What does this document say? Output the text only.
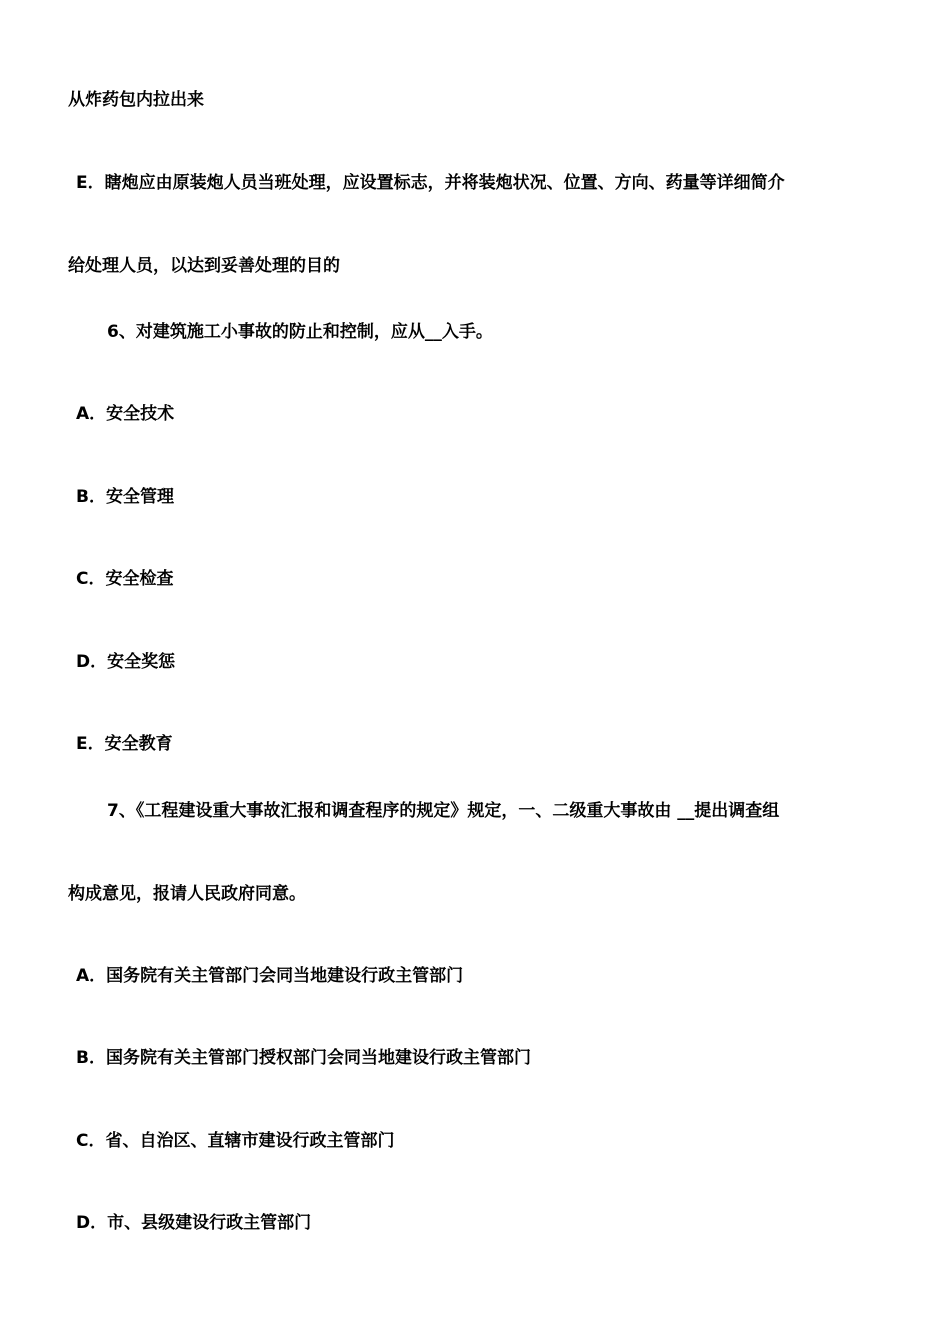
从炸药包内拉出来
E．瞎炮应由原装炮人员当班处理，应设置标志，并将装炮状况、位置、方向、药量等详细简介
给处理人员，以达到妥善处理的目的
6、对建筑施工小事故的防止和控制，应从__入手。
A．安全技术
B．安全管理
C．安全检查
D．安全奖惩
E．安全教育
7、《工程建设重大事故汇报和调查程序的规定》规定，一、二级重大事故由 __提出调查组
构成意见，报请人民政府同意。
A．国务院有关主管部门会同当地建设行政主管部门
B．国务院有关主管部门授权部门会同当地建设行政主管部门
C．省、自治区、直辖市建设行政主管部门
D．市、县级建设行政主管部门
